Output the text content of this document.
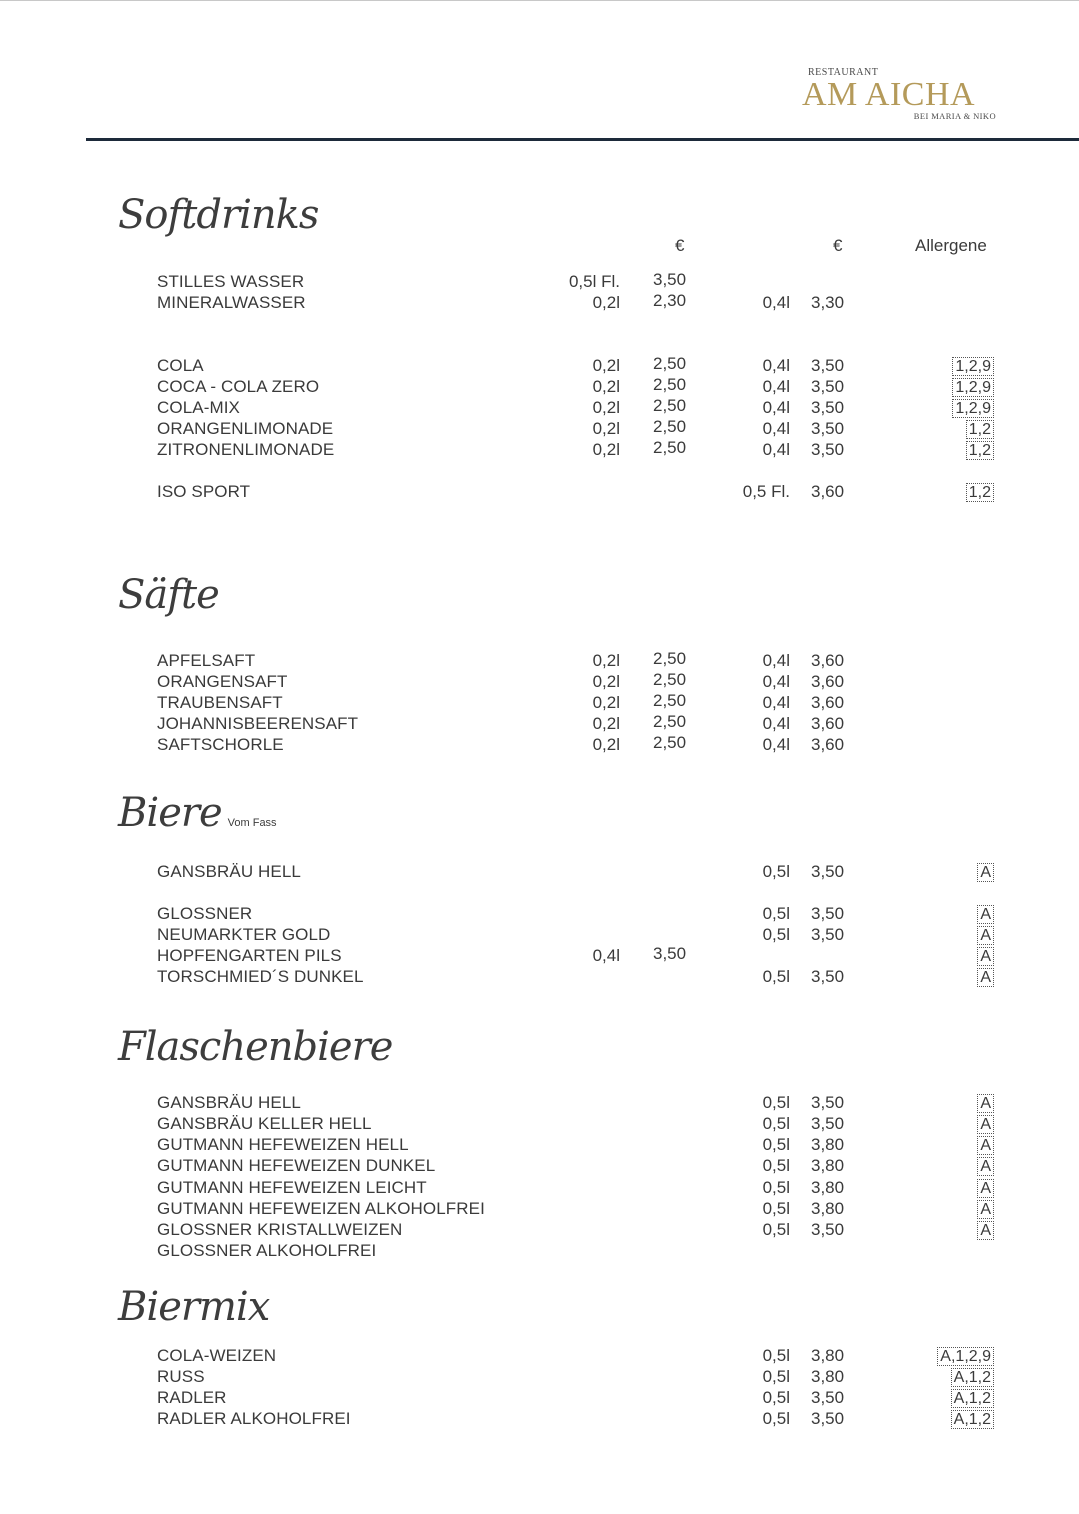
RESTAURANT
AM AICHA
BEI MARIA & NIKO
Softdrinks
Säfte
Biere Vom Fass
Flaschenbiere
Biermix
€	€	Allergene
STILLES WASSER	0,5l Fl. 3,50
MINERALWASSER	0,2l 2,30	0,4l 3,30
COLA	0,2l 2,50	0,4l 3,50	1,2,9
COCA - COLA ZERO	0,2l 2,50	0,4l 3,50	1,2,9
COLA-MIX	0,2l 2,50	0,4l 3,50	1,2,9
ORANGENLIMONADE	0,2l 2,50	0,4l 3,50	1,2
ZITRONENLIMONADE	0,2l 2,50	0,4l 3,50	1,2
ISO SPORT	0,5 Fl. 3,60	1,2
APFELSAFT	0,2l 2,50	0,4l 3,60
ORANGENSAFT	0,2l 2,50	0,4l 3,60
TRAUBENSAFT	0,2l 2,50	0,4l 3,60
JOHANNISBEERENSAFT	0,2l 2,50	0,4l 3,60
SAFTSCHORLE	0,2l 2,50	0,4l 3,60
GANSBRÄU HELL	0,5l 3,50	A
GLOSSNER	0,5l 3,50	A
NEUMARKTER GOLD	0,5l 3,50	A
HOPFENGARTEN PILS	0,4l 3,50	A
TORSCHMIED´S DUNKEL	0,5l 3,50	A
GANSBRÄU HELL	0,5l 3,50	A
GANSBRÄU KELLER HELL	0,5l 3,50	A
GUTMANN HEFEWEIZEN HELL	0,5l 3,80	A
GUTMANN HEFEWEIZEN DUNKEL	0,5l 3,80	A
GUTMANN HEFEWEIZEN LEICHT	0,5l 3,80	A
GUTMANN HEFEWEIZEN ALKOHOLFREI	0,5l 3,80	A
GLOSSNER KRISTALLWEIZEN	0,5l 3,50	A
GLOSSNER ALKOHOLFREI
COLA-WEIZEN	0,5l 3,80	A,1,2,9
RUSS	0,5l 3,80	A,1,2
RADLER	0,5l 3,50	A,1,2
RADLER ALKOHOLFREI	0,5l 3,50	A,1,2
